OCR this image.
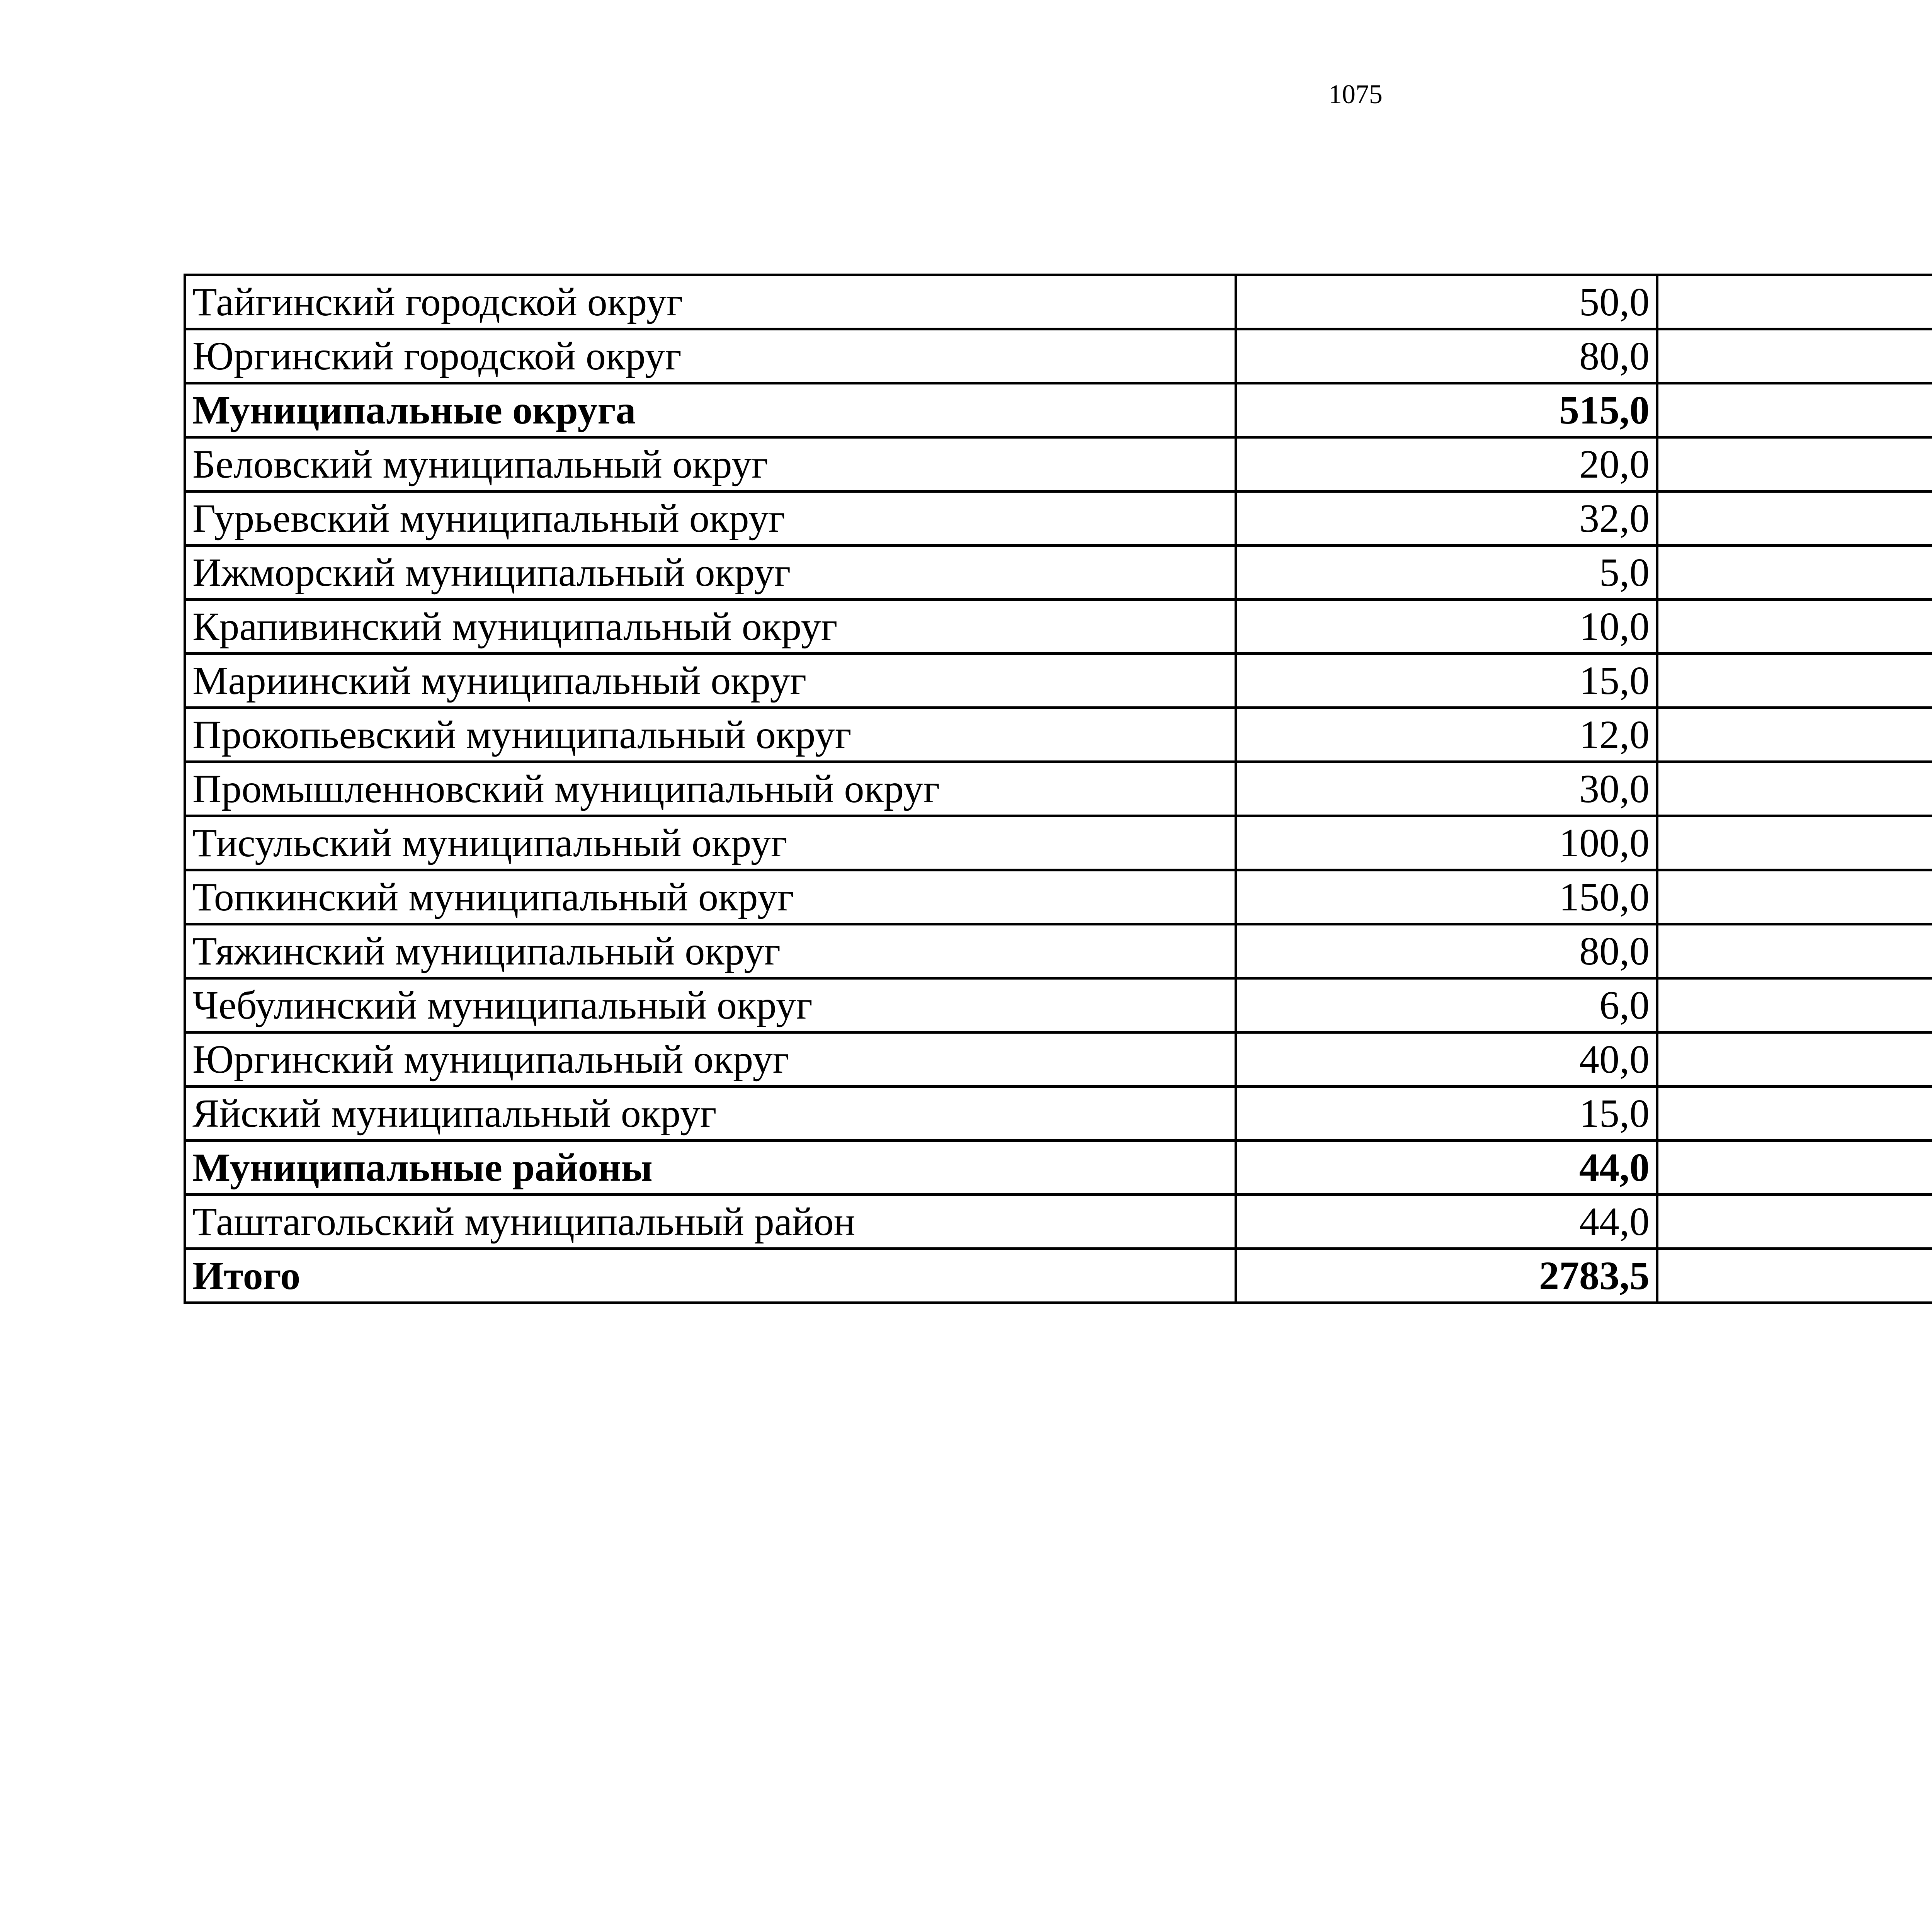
1075
Тайгинский городской округ	50,0		
Юргинский городской округ	80,0		
Муниципальные округа	515,0		
Беловский муниципальный округ	20,0		
Гурьевский муниципальный округ	32,0		
Ижморский муниципальный округ	5,0		
Крапивинский муниципальный округ	10,0		
Мариинский муниципальный округ	15,0		
Прокопьевский муниципальный округ	12,0		
Промышленновский муниципальный округ	30,0		
Тисульский муниципальный округ	100,0		
Топкинский муниципальный округ	150,0		
Тяжинский муниципальный округ	80,0		
Чебулинский муниципальный округ	6,0		
Юргинский муниципальный округ	40,0		
Яйский муниципальный округ	15,0		
Муниципальные районы	44,0		
Таштагольский муниципальный район	44,0		
Итого	2783,5		
